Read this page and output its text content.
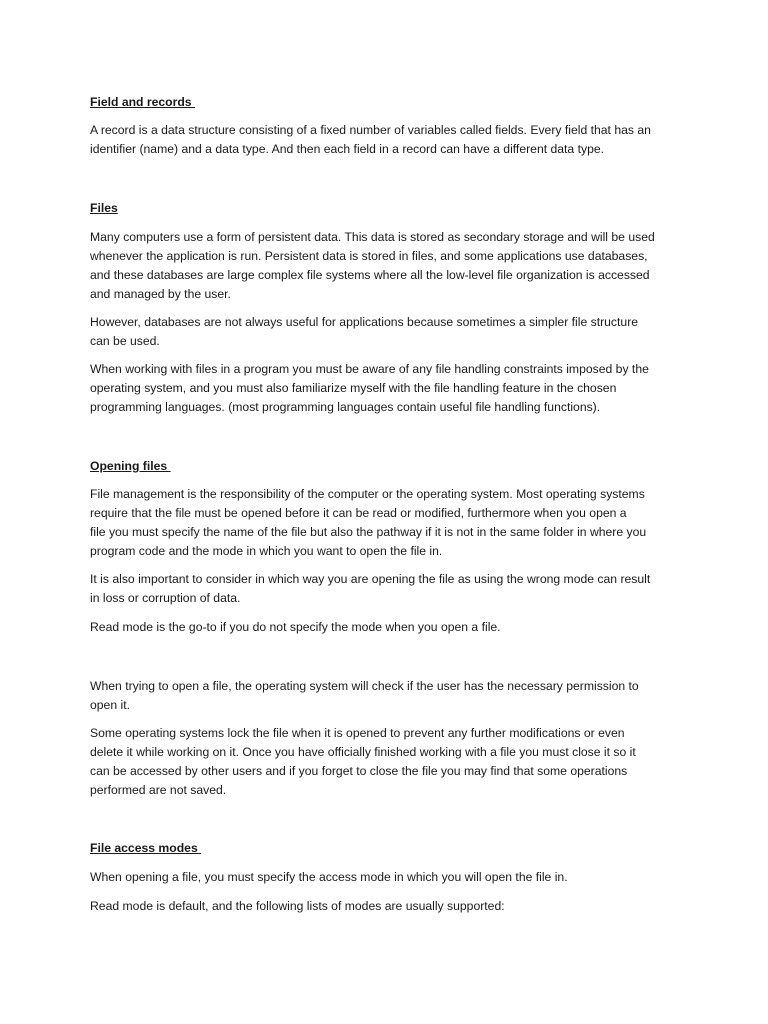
Field and records

A record is a data structure consisting of a fixed number of variables called fields. Every field that has an
identifier (name) and a data type. And then each field in a record can have a different data type.

Files

Many computers use a form of persistent data. This data is stored as secondary storage and will be used
whenever the application is run. Persistent data is stored in files, and some applications use databases,
and these databases are large complex file systems where all the low-level file organization is accessed
and managed by the user.

However, databases are not always useful for applications because sometimes a simpler file structure
can be used.

When working with files in a program you must be aware of any file handling constraints imposed by the
operating system, and you must also familiarize myself with the file handling feature in the chosen
programming languages. (most programming languages contain useful file handling functions).

Opening files

File management is the responsibility of the computer or the operating system. Most operating systems
require that the file must be opened before it can be read or modified, furthermore when you open a
file you must specify the name of the file but also the pathway if it is not in the same folder in where you
program code and the mode in which you want to open the file in.

It is also important to consider in which way you are opening the file as using the wrong mode can result
in loss or corruption of data.

Read mode is the go-to if you do not specify the mode when you open a file.

When trying to open a file, the operating system will check if the user has the necessary permission to
open it.

Some operating systems lock the file when it is opened to prevent any further modifications or even
delete it while working on it. Once you have officially finished working with a file you must close it so it
can be accessed by other users and if you forget to close the file you may find that some operations
performed are not saved.

File access modes

When opening a file, you must specify the access mode in which you will open the file in.

Read mode is default, and the following lists of modes are usually supported:
